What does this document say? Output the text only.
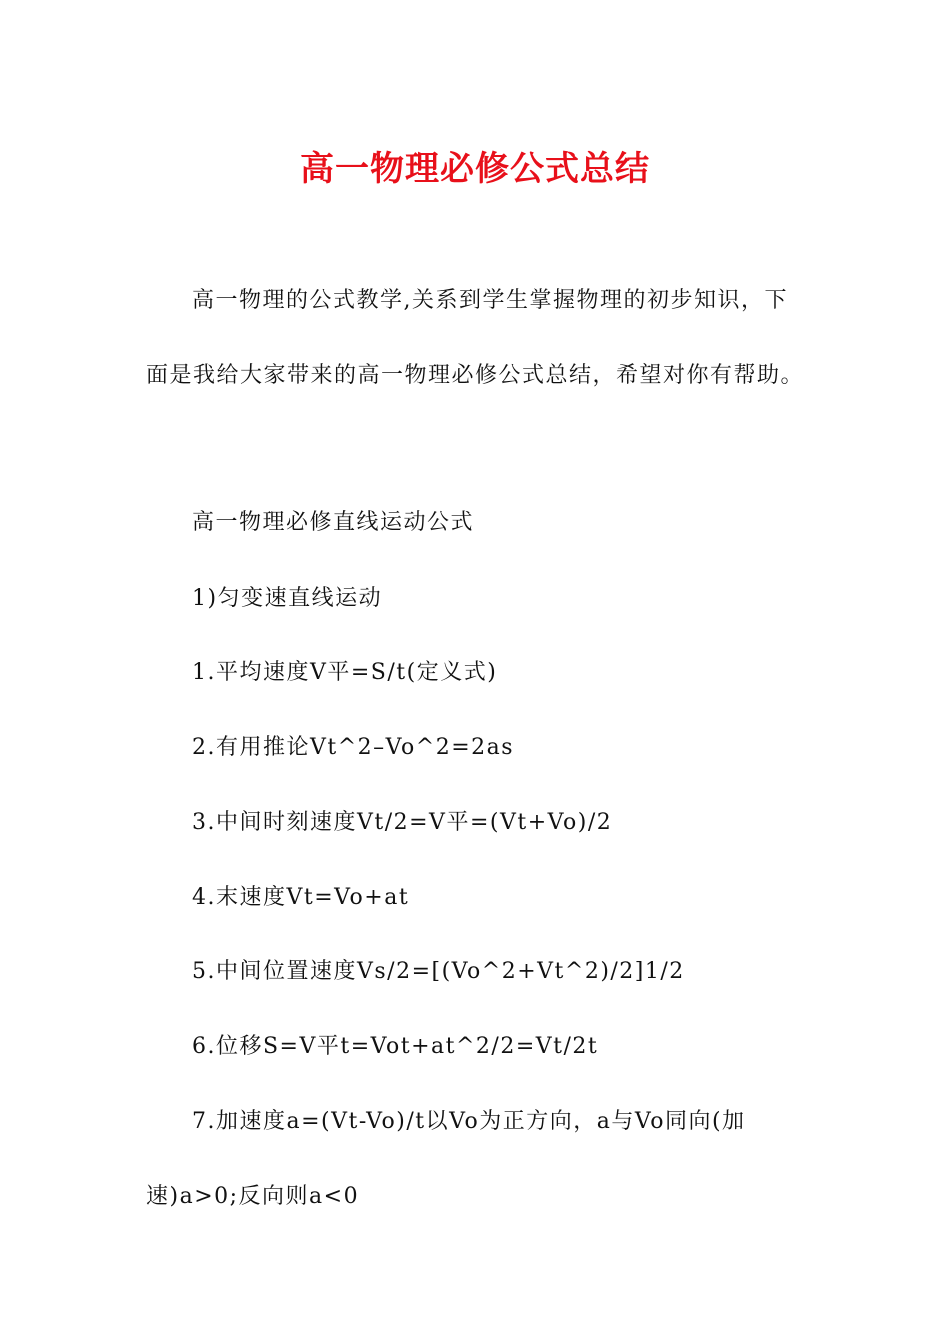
高一物理必修公式总结
高一物理的公式教学,关系到学生掌握物理的初步知识，下
面是我给大家带来的高一物理必修公式总结，希望对你有帮助。
高一物理必修直线运动公式
1)匀变速直线运动
1.平均速度V平=S/t(定义式)
2.有用推论Vt^2–Vo^2=2as
3.中间时刻速度Vt/2=V平=(Vt+Vo)/2
4.末速度Vt=Vo+at
5.中间位置速度Vs/2=[(Vo^2+Vt^2)/2]1/2
6.位移S=V平t=Vot+at^2/2=Vt/2t
7.加速度a=(Vt-Vo)/t以Vo为正方向，a与Vo同向(加
速)a>0;反向则a<0
